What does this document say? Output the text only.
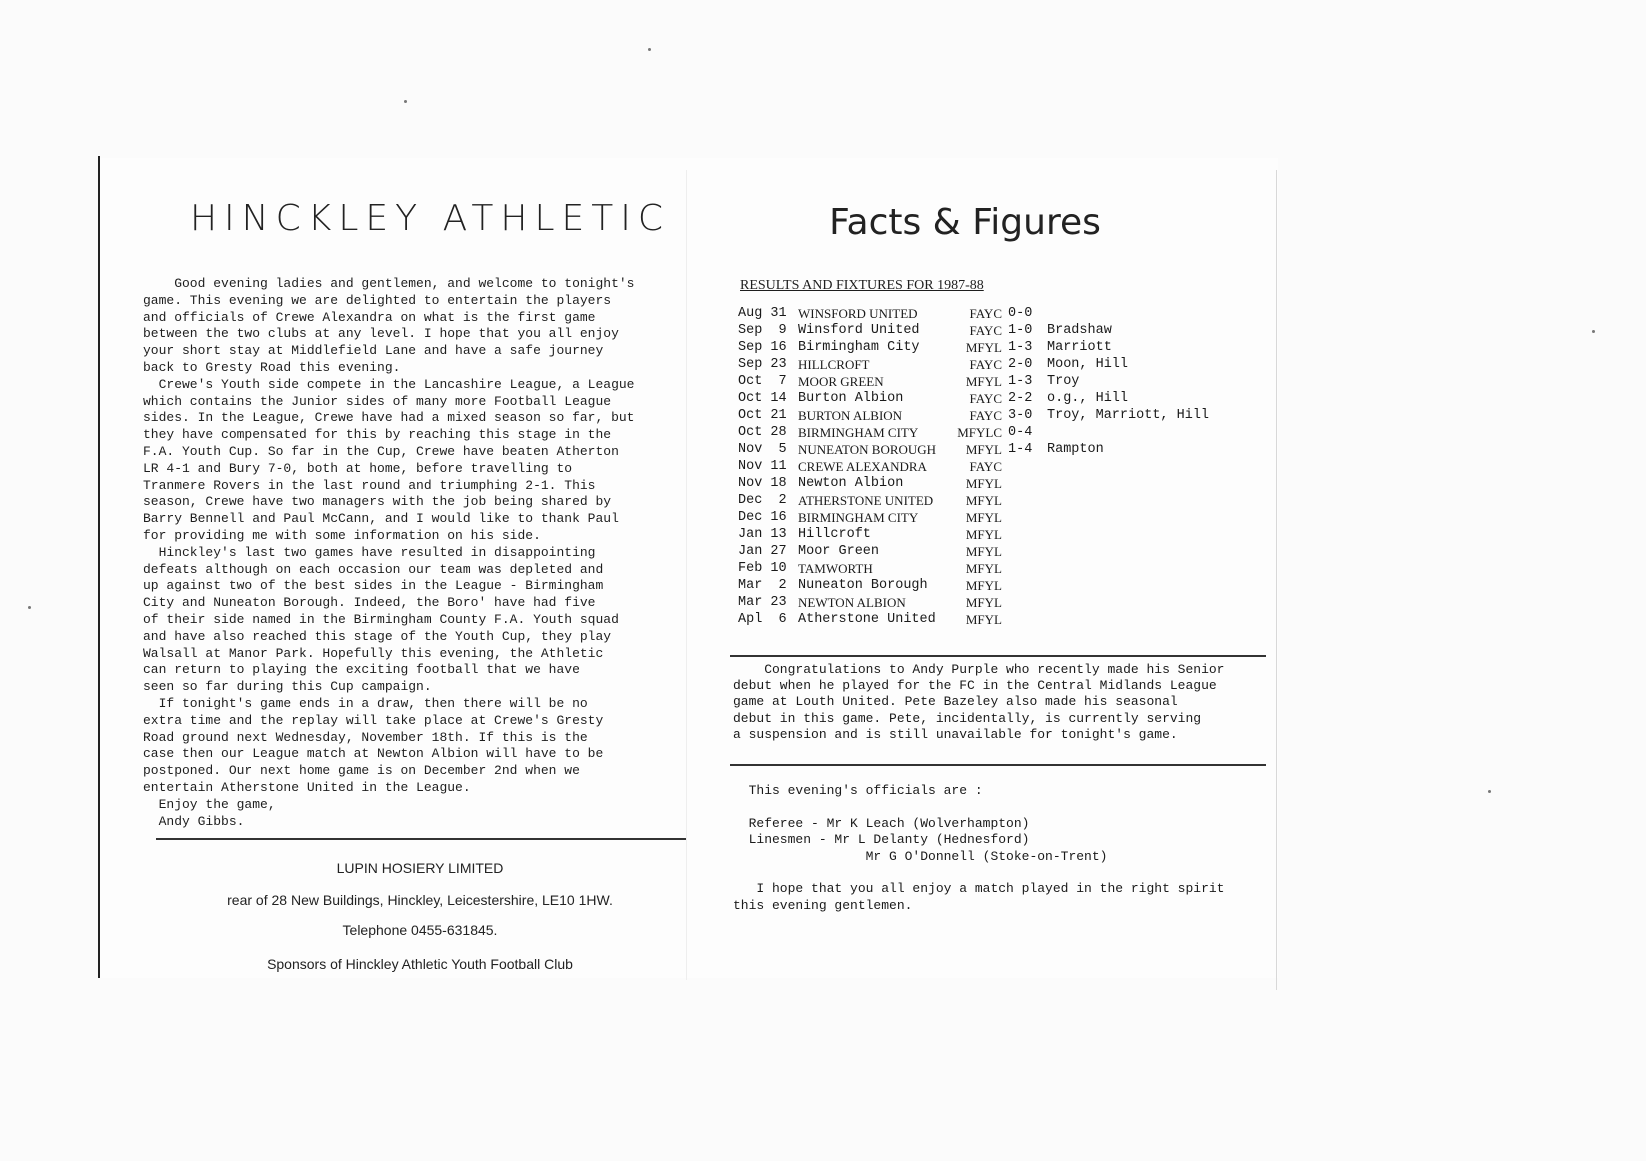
HINCKLEY ATHLETIC
Good evening ladies and gentlemen, and welcome to tonight's
game. This evening we are delighted to entertain the players
and officials of Crewe Alexandra on what is the first game
between the two clubs at any level. I hope that you all enjoy
your short stay at Middlefield Lane and have a safe journey
back to Gresty Road this evening.
Crewe's Youth side compete in the Lancashire League, a League
which contains the Junior sides of many more Football League
sides. In the League, Crewe have had a mixed season so far, but
they have compensated for this by reaching this stage in the
F.A. Youth Cup. So far in the Cup, Crewe have beaten Atherton
LR 4-1 and Bury 7-0, both at home, before travelling to
Tranmere Rovers in the last round and triumphing 2-1. This
season, Crewe have two managers with the job being shared by
Barry Bennell and Paul McCann, and I would like to thank Paul
for providing me with some information on his side.
Hinckley's last two games have resulted in disappointing
defeats although on each occasion our team was depleted and
up against two of the best sides in the League - Birmingham
City and Nuneaton Borough. Indeed, the Boro' have had five
of their side named in the Birmingham County F.A. Youth squad
and have also reached this stage of the Youth Cup, they play
Walsall at Manor Park. Hopefully this evening, the Athletic
can return to playing the exciting football that we have
seen so far during this Cup campaign.
If tonight's game ends in a draw, then there will be no
extra time and the replay will take place at Crewe's Gresty
Road ground next Wednesday, November 18th. If this is the
case then our League match at Newton Albion will have to be
postponed. Our next home game is on December 2nd when we
entertain Atherstone United in the League.
Enjoy the game,
Andy Gibbs.
LUPIN HOSIERY LIMITED
rear of 28 New Buildings, Hinckley, Leicestershire, LE10 1HW.
Telephone 0455-631845.
Sponsors of Hinckley Athletic Youth Football Club
Facts & Figures
RESULTS AND FIXTURES FOR 1987-88
Aug 31 WINSFORD UNITED	FAYC 0-0
Sep  9 Winsford United	FAYC 1-0 Bradshaw
Sep 16 Birmingham City	MFYL 1-3 Marriott
Sep 23 HILLCROFT	FAYC 2-0 Moon, Hill
Oct  7 MOOR GREEN	MFYL 1-3 Troy
Oct 14 Burton Albion	FAYC 2-2 o.g., Hill
Oct 21 BURTON ALBION	FAYC 3-0 Troy, Marriott, Hill
Oct 28 BIRMINGHAM CITY	MFYLC 0-4
Nov  5 NUNEATON BOROUGH	MFYL 1-4 Rampton
Nov 11 CREWE ALEXANDRA	FAYC
Nov 18 Newton Albion	MFYL
Dec  2 ATHERSTONE UNITED	MFYL
Dec 16 BIRMINGHAM CITY	MFYL
Jan 13 Hillcroft	MFYL
Jan 27 Moor Green	MFYL
Feb 10 TAMWORTH	MFYL
Mar  2 Nuneaton Borough	MFYL
Mar 23 NEWTON ALBION	MFYL
Apl  6 Atherstone United	MFYL
Congratulations to Andy Purple who recently made his Senior
debut when he played for the FC in the Central Midlands League
game at Louth United. Pete Bazeley also made his seasonal
debut in this game. Pete, incidentally, is currently serving
a suspension and is still unavailable for tonight's game.
This evening's officials are :

Referee - Mr K Leach (Wolverhampton)
Linesmen - Mr L Delanty (Hednesford)
Mr G O'Donnell (Stoke-on-Trent)

I hope that you all enjoy a match played in the right spirit
this evening gentlemen.
